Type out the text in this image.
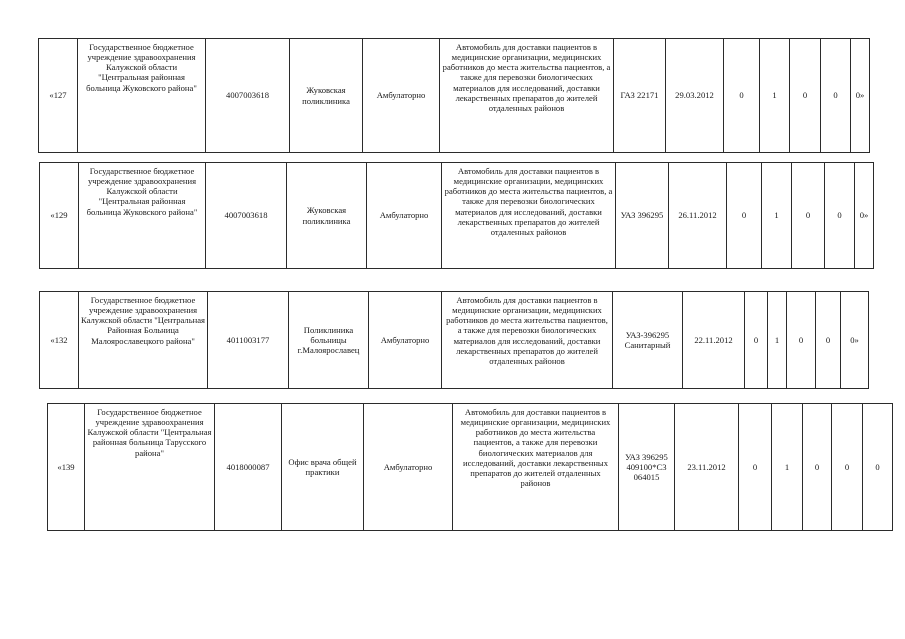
«127	Государственное бюджетное учреждение здравоохранения Калужской области "Центральная районная больница Жуковского района"	4007003618	Жуковская поликлиника	Амбулаторно	Автомобиль для доставки пациентов в медицинские организации, медицинских работников до места жительства пациентов, а также для перевозки биологических материалов для исследований, доставки лекарственных препаратов до жителей отдаленных районов	ГАЗ 22171	29.03.2012	0	1	0	0	0»
«129	Государственное бюджетное учреждение здравоохранения Калужской области "Центральная районная больница Жуковского района"	4007003618	Жуковская поликлиника	Амбулаторно	Автомобиль для доставки пациентов в медицинские организации, медицинских работников до места жительства пациентов, а также для перевозки биологических материалов для исследований, доставки лекарственных препаратов до жителей отдаленных районов	УАЗ 396295	26.11.2012	0	1	0	0	0»
«132	Государственное бюджетное учреждение здравоохранения Калужской области "Центральная Районная Больница Малоярославецкого района"	4011003177	Поликлиника больницы г.Малоярославец	Амбулаторно	Автомобиль для доставки пациентов в медицинские организации, медицинских работников до места жительства пациентов, а также для перевозки биологических материалов для исследований, доставки лекарственных препаратов до жителей отдаленных районов	УАЗ-396295 Санитарный	22.11.2012	0	1	0	0	0»
«139	Государственное бюджетное учреждение здравоохранения Калужской области "Центральная районная больница Тарусского района"	4018000087	Офис врача общей практики	Амбулаторно	Автомобиль для доставки пациентов в медицинские организации, медицинских работников до места жительства пациентов, а также для перевозки биологических материалов для исследований, доставки лекарственных препаратов до жителей отдаленных районов	УАЗ 396295 409100*С3 064015	23.11.2012	0	1	0	0	0
